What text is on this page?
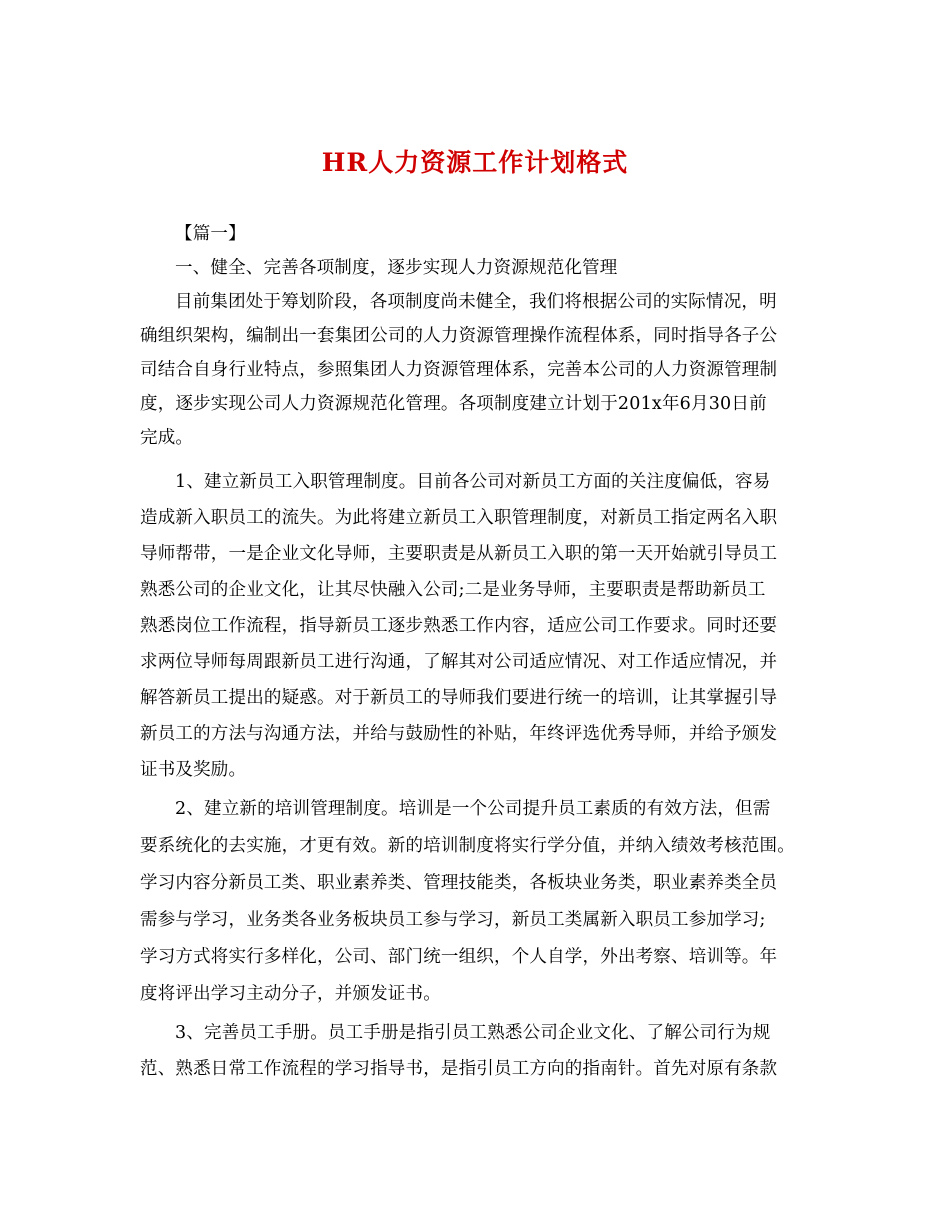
HR人力资源工作计划格式
【篇一】
一、健全、完善各项制度，逐步实现人力资源规范化管理
目前集团处于筹划阶段，各项制度尚未健全，我们将根据公司的实际情况，明
确组织架构，编制出一套集团公司的人力资源管理操作流程体系，同时指导各子公
司结合自身行业特点，参照集团人力资源管理体系，完善本公司的人力资源管理制
度，逐步实现公司人力资源规范化管理。各项制度建立计划于201x年6月30日前
完成。
1、建立新员工入职管理制度。目前各公司对新员工方面的关注度偏低，容易
造成新入职员工的流失。为此将建立新员工入职管理制度，对新员工指定两名入职
导师帮带，一是企业文化导师，主要职责是从新员工入职的第一天开始就引导员工
熟悉公司的企业文化，让其尽快融入公司;二是业务导师，主要职责是帮助新员工
熟悉岗位工作流程，指导新员工逐步熟悉工作内容，适应公司工作要求。同时还要
求两位导师每周跟新员工进行沟通，了解其对公司适应情况、对工作适应情况，并
解答新员工提出的疑惑。对于新员工的导师我们要进行统一的培训，让其掌握引导
新员工的方法与沟通方法，并给与鼓励性的补贴，年终评选优秀导师，并给予颁发
证书及奖励。
2、建立新的培训管理制度。培训是一个公司提升员工素质的有效方法，但需
要系统化的去实施，才更有效。新的培训制度将实行学分值，并纳入绩效考核范围。
学习内容分新员工类、职业素养类、管理技能类，各板块业务类，职业素养类全员
需参与学习，业务类各业务板块员工参与学习，新员工类属新入职员工参加学习;
学习方式将实行多样化，公司、部门统一组织，个人自学，外出考察、培训等。年
度将评出学习主动分子，并颁发证书。
3、完善员工手册。员工手册是指引员工熟悉公司企业文化、了解公司行为规
范、熟悉日常工作流程的学习指导书，是指引员工方向的指南针。首先对原有条款
